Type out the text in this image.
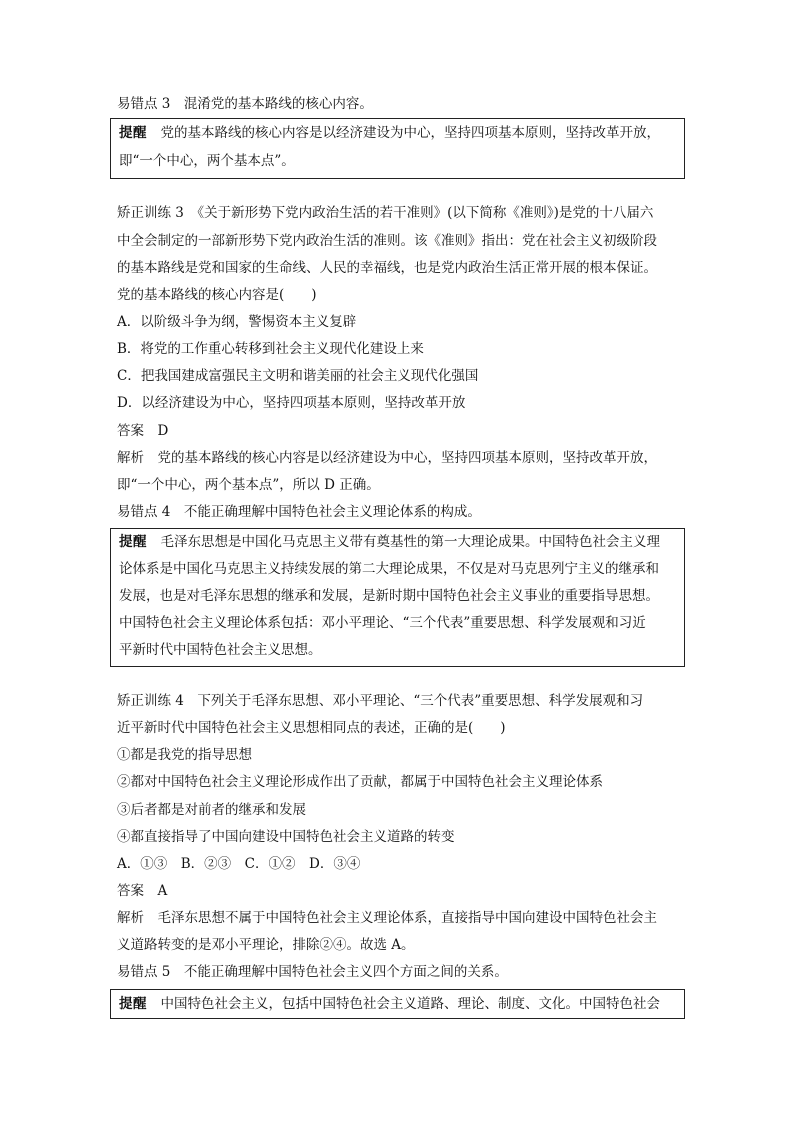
易错点 3　混淆党的基本路线的核心内容。
提醒　 党的基本路线的核心内容是以经济建设为中心，坚持四项基本原则，坚持改革开放，
即“一个中心，两个基本点”。
矫正训练 3　《关于新形势下党内政治生活的若干准则》(以下简称《准则》)是党的十八届六
中全会制定的一部新形势下党内政治生活的准则。该《准则》指出：党在社会主义初级阶段
的基本路线是党和国家的生命线、人民的幸福线，也是党内政治生活正常开展的根本保证。
党的基本路线的核心内容是(　　)
A．以阶级斗争为纲，警惕资本主义复辟
B．将党的工作重心转移到社会主义现代化建设上来
C．把我国建成富强民主文明和谐美丽的社会主义现代化强国
D．以经济建设为中心，坚持四项基本原则，坚持改革开放
答案　D
解析　党的基本路线的核心内容是以经济建设为中心，坚持四项基本原则，坚持改革开放，
即“一个中心，两个基本点”，所以 D 正确。
易错点 4　不能正确理解中国特色社会主义理论体系的构成。
提醒　毛泽东思想是中国化马克思主义带有奠基性的第一大理论成果。中国特色社会主义理
论体系是中国化马克思主义持续发展的第二大理论成果，不仅是对马克思列宁主义的继承和
发展，也是对毛泽东思想的继承和发展，是新时期中国特色社会主义事业的重要指导思想。
中国特色社会主义理论体系包括：邓小平理论、“三个代表”重要思想、科学发展观和习近
平新时代中国特色社会主义思想。
矫正训练 4　下列关于毛泽东思想、邓小平理论、“三个代表”重要思想、科学发展观和习
近平新时代中国特色社会主义思想相同点的表述，正确的是(　　)
①都是我党的指导思想
②都对中国特色社会主义理论形成作出了贡献，都属于中国特色社会主义理论体系
③后者都是对前者的继承和发展
④都直接指导了中国向建设中国特色社会主义道路的转变
A．①③　B．②③　C．①②　D．③④
答案　A
解析　毛泽东思想不属于中国特色社会主义理论体系，直接指导中国向建设中国特色社会主
义道路转变的是邓小平理论，排除②④。故选 A。
易错点 5　不能正确理解中国特色社会主义四个方面之间的关系。
提醒　中国特色社会主义，包括中国特色社会主义道路、理论、制度、文化。中国特色社会
